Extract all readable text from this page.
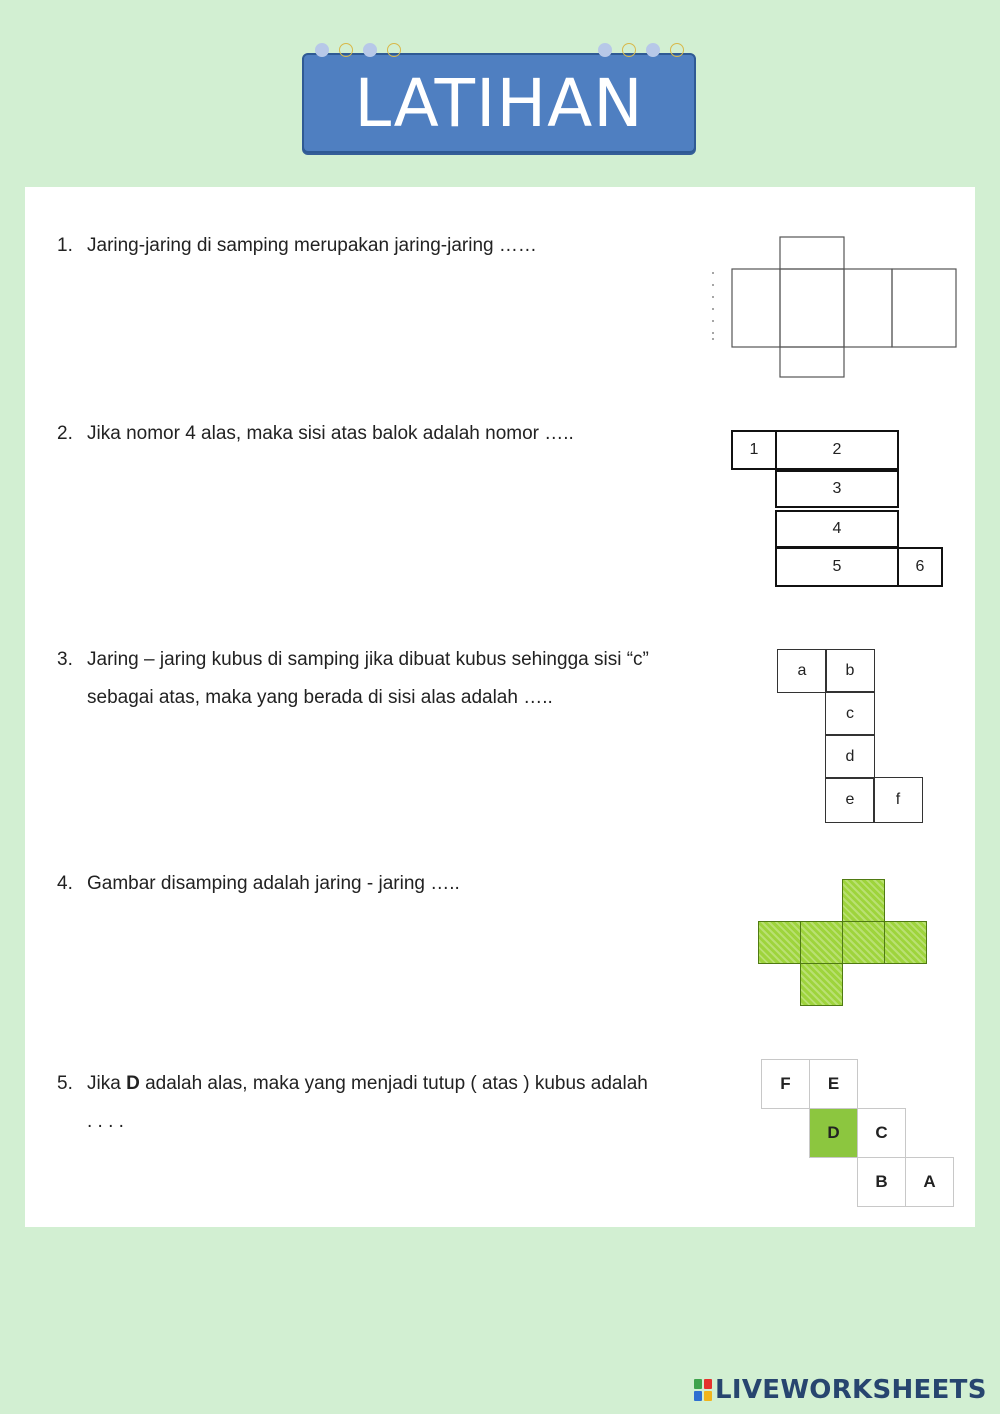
LATIHAN
1. Jaring-jaring di samping merupakan jaring-jaring ……
2. Jika nomor 4 alas, maka sisi atas balok adalah nomor …..
1	2
3
4
5	6
3. Jaring – jaring kubus di samping jika dibuat kubus sehingga sisi “c”
sebagai atas, maka yang berada di sisi alas adalah …..
a	b
c
d
e	f
4. Gambar disamping adalah jaring - jaring …..
5. Jika D adalah alas, maka yang menjadi tutup ( atas ) kubus adalah
. . . .
F	E
D	C
B	A
LIVEWORKSHEETS
